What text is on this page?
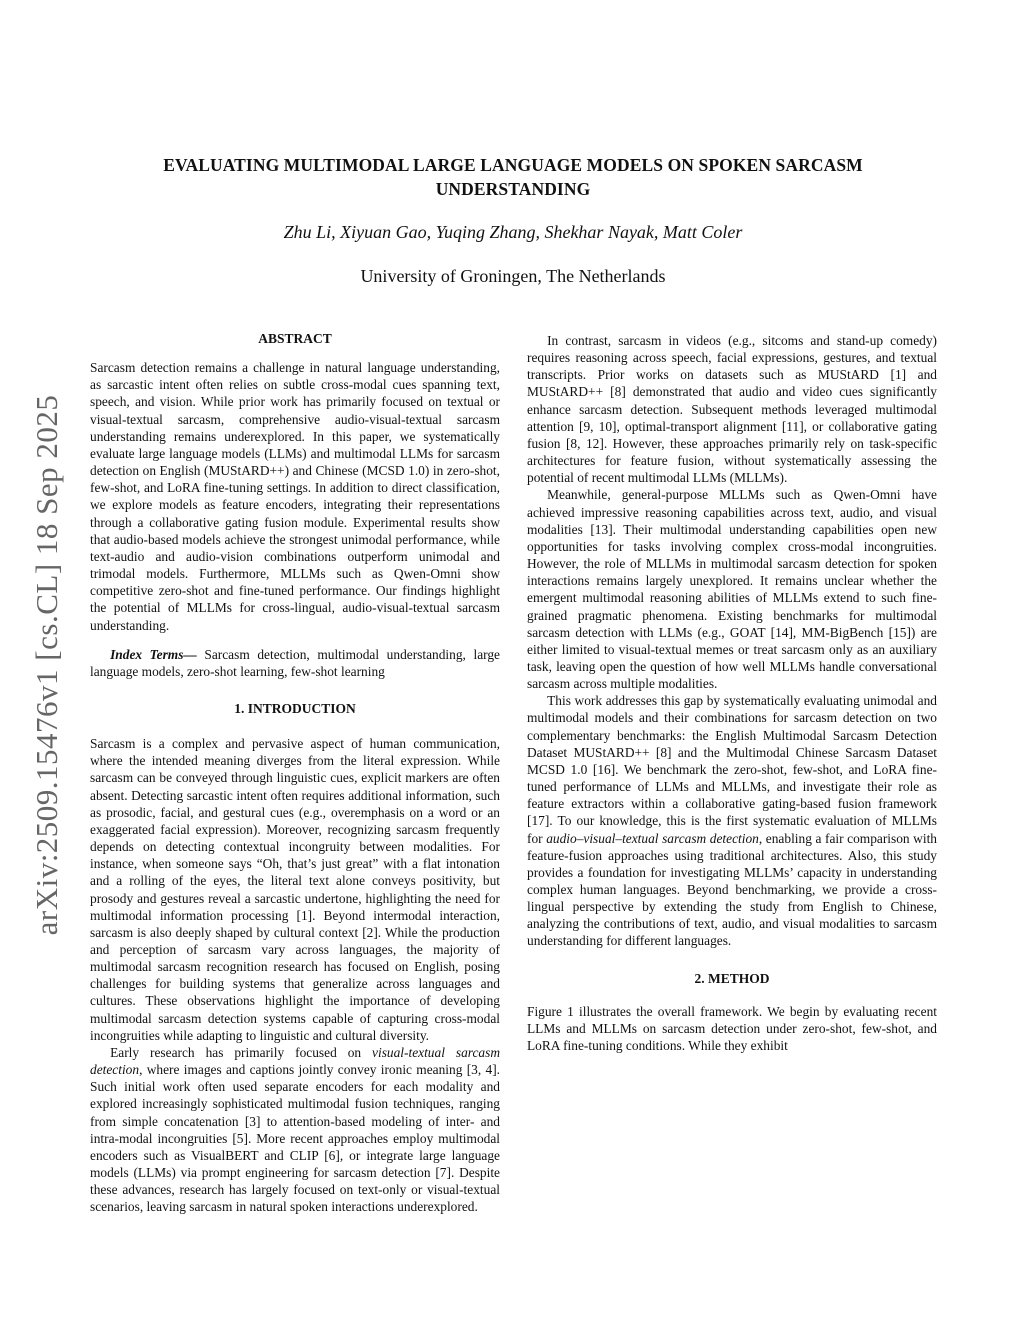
arXiv:2509.15476v1 [cs.CL] 18 Sep 2025
EVALUATING MULTIMODAL LARGE LANGUAGE MODELS ON SPOKEN SARCASM UNDERSTANDING
Zhu Li, Xiyuan Gao, Yuqing Zhang, Shekhar Nayak, Matt Coler
University of Groningen, The Netherlands
ABSTRACT

Sarcasm detection remains a challenge in natural language understanding, as sarcastic intent often relies on subtle cross-modal cues spanning text, speech, and vision. While prior work has primarily focused on textual or visual-textual sarcasm, comprehensive audio-visual-textual sarcasm understanding remains underexplored. In this paper, we systematically evaluate large language models (LLMs) and multimodal LLMs for sarcasm detection on English (MUStARD++) and Chinese (MCSD 1.0) in zero-shot, few-shot, and LoRA fine-tuning settings. In addition to direct classification, we explore models as feature encoders, integrating their representations through a collaborative gating fusion module. Experimental results show that audio-based models achieve the strongest unimodal performance, while text-audio and audio-vision combinations outperform unimodal and trimodal models. Furthermore, MLLMs such as Qwen-Omni show competitive zero-shot and fine-tuned performance. Our findings highlight the potential of MLLMs for cross-lingual, audio-visual-textual sarcasm understanding.

Index Terms— Sarcasm detection, multimodal understanding, large language models, zero-shot learning, few-shot learning

1. INTRODUCTION

Sarcasm is a complex and pervasive aspect of human communication, where the intended meaning diverges from the literal expression. While sarcasm can be conveyed through linguistic cues, explicit markers are often absent. Detecting sarcastic intent often requires additional information, such as prosodic, facial, and gestural cues (e.g., overemphasis on a word or an exaggerated facial expression). Moreover, recognizing sarcasm frequently depends on detecting contextual incongruity between modalities. For instance, when someone says “Oh, that’s just great” with a flat intonation and a rolling of the eyes, the literal text alone conveys positivity, but prosody and gestures reveal a sarcastic undertone, highlighting the need for multimodal information processing [1]. Beyond intermodal interaction, sarcasm is also deeply shaped by cultural context [2]. While the production and perception of sarcasm vary across languages, the majority of multimodal sarcasm recognition research has focused on English, posing challenges for building systems that generalize across languages and cultures. These observations highlight the importance of developing multimodal sarcasm detection systems capable of capturing cross-modal incongruities while adapting to linguistic and cultural diversity.

Early research has primarily focused on visual-textual sarcasm detection, where images and captions jointly convey ironic meaning [3, 4]. Such initial work often used separate encoders for each modality and explored increasingly sophisticated multimodal fusion techniques, ranging from simple concatenation [3] to attention-based modeling of inter- and intra-modal incongruities [5]. More recent approaches employ multimodal encoders such as VisualBERT and CLIP [6], or integrate large language models (LLMs) via prompt engineering for sarcasm detection [7]. Despite these advances, research has largely focused on text-only or visual-textual scenarios, leaving sarcasm in natural spoken interactions underexplored.

In contrast, sarcasm in videos (e.g., sitcoms and stand-up comedy) requires reasoning across speech, facial expressions, gestures, and textual transcripts. Prior works on datasets such as MUStARD [1] and MUStARD++ [8] demonstrated that audio and video cues significantly enhance sarcasm detection. Subsequent methods leveraged multimodal attention [9, 10], optimal-transport alignment [11], or collaborative gating fusion [8, 12]. However, these approaches primarily rely on task-specific architectures for feature fusion, without systematically assessing the potential of recent multimodal LLMs (MLLMs).

Meanwhile, general-purpose MLLMs such as Qwen-Omni have achieved impressive reasoning capabilities across text, audio, and visual modalities [13]. Their multimodal understanding capabilities open new opportunities for tasks involving complex cross-modal incongruities. However, the role of MLLMs in multimodal sarcasm detection for spoken interactions remains largely unexplored. It remains unclear whether the emergent multimodal reasoning abilities of MLLMs extend to such fine-grained pragmatic phenomena. Existing benchmarks for multimodal sarcasm detection with LLMs (e.g., GOAT [14], MM-BigBench [15]) are either limited to visual-textual memes or treat sarcasm only as an auxiliary task, leaving open the question of how well MLLMs handle conversational sarcasm across multiple modalities.

This work addresses this gap by systematically evaluating unimodal and multimodal models and their combinations for sarcasm detection on two complementary benchmarks: the English Multimodal Sarcasm Detection Dataset MUStARD++ [8] and the Multimodal Chinese Sarcasm Dataset MCSD 1.0 [16]. We benchmark the zero-shot, few-shot, and LoRA fine-tuned performance of LLMs and MLLMs, and investigate their role as feature extractors within a collaborative gating-based fusion framework [17]. To our knowledge, this is the first systematic evaluation of MLLMs for audio–visual–textual sarcasm detection, enabling a fair comparison with feature-fusion approaches using traditional architectures. Also, this study provides a foundation for investigating MLLMs’ capacity in understanding complex human languages. Beyond benchmarking, we provide a cross-lingual perspective by extending the study from English to Chinese, analyzing the contributions of text, audio, and visual modalities to sarcasm understanding for different languages.

2. METHOD

Figure 1 illustrates the overall framework. We begin by evaluating recent LLMs and MLLMs on sarcasm detection under zero-shot, few-shot, and LoRA fine-tuning conditions. While they exhibit
